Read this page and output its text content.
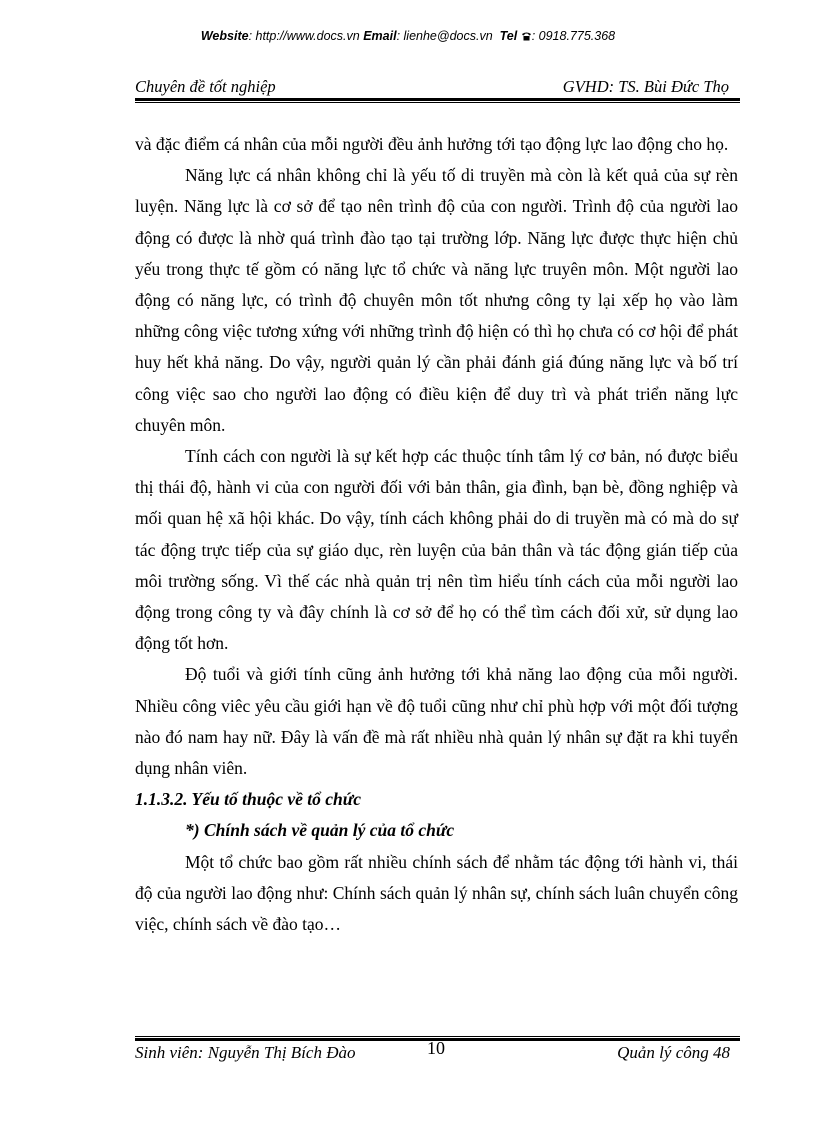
Website: http://www.docs.vn Email: lienhe@docs.vn Tel : 0918.775.368
Chuyên đề tốt nghiệp	GVHD: TS. Bùi Đức Thọ

và đặc điểm cá nhân của mỗi người đều ảnh hưởng tới tạo động lực lao động cho họ.

Năng lực cá nhân không chỉ là yếu tố di truyền mà còn là kết quả của sự rèn luyện. Năng lực là cơ sở để tạo nên trình độ của con người. Trình độ của người lao động có được là nhờ quá trình đào tạo tại trường lớp. Năng lực được thực hiện chủ yếu trong thực tế gồm có năng lực tổ chức và năng lực truyên môn. Một người lao động có năng lực, có trình độ chuyên môn tốt nhưng công ty lại xếp họ vào làm những công việc tương xứng với những trình độ hiện có thì họ chưa có cơ hội để phát huy hết khả năng. Do vậy, người quản lý cần phải đánh giá đúng năng lực và bố trí công việc sao cho người lao động có điều kiện để duy trì và phát triển năng lực chuyên môn.

Tính cách con người là sự kết hợp các thuộc tính tâm lý cơ bản, nó được biểu thị thái độ, hành vi của con người đối với bản thân, gia đình, bạn bè, đồng nghiệp và mối quan hệ xã hội khác. Do vậy, tính cách không phải do di truyền mà có mà do sự tác động trực tiếp của sự giáo dục, rèn luyện của bản thân và tác động gián tiếp của môi trường sống. Vì thế các nhà quản trị nên tìm hiểu tính cách của mỗi người lao động trong công ty và đây chính là cơ sở để họ có thể tìm cách đối xử, sử dụng lao động tốt hơn.

Độ tuổi và giới tính cũng ảnh hưởng tới khả năng lao động của mỗi người. Nhiều công viêc yêu cầu giới hạn về độ tuổi cũng như chỉ phù hợp với một đối tượng nào đó nam hay nữ. Đây là vấn đề mà rất nhiều nhà quản lý nhân sự đặt ra khi tuyển dụng nhân viên.

1.1.3.2. Yếu tố thuộc về tổ chức
*) Chính sách về quản lý của tổ chức

Một tổ chức bao gồm rất nhiều chính sách để nhằm tác động tới hành vi, thái độ của người lao động như: Chính sách quản lý nhân sự, chính sách luân chuyển công việc, chính sách về đào tạo…

Sinh viên: Nguyễn Thị Bích Đào	10	Quản lý công 48
